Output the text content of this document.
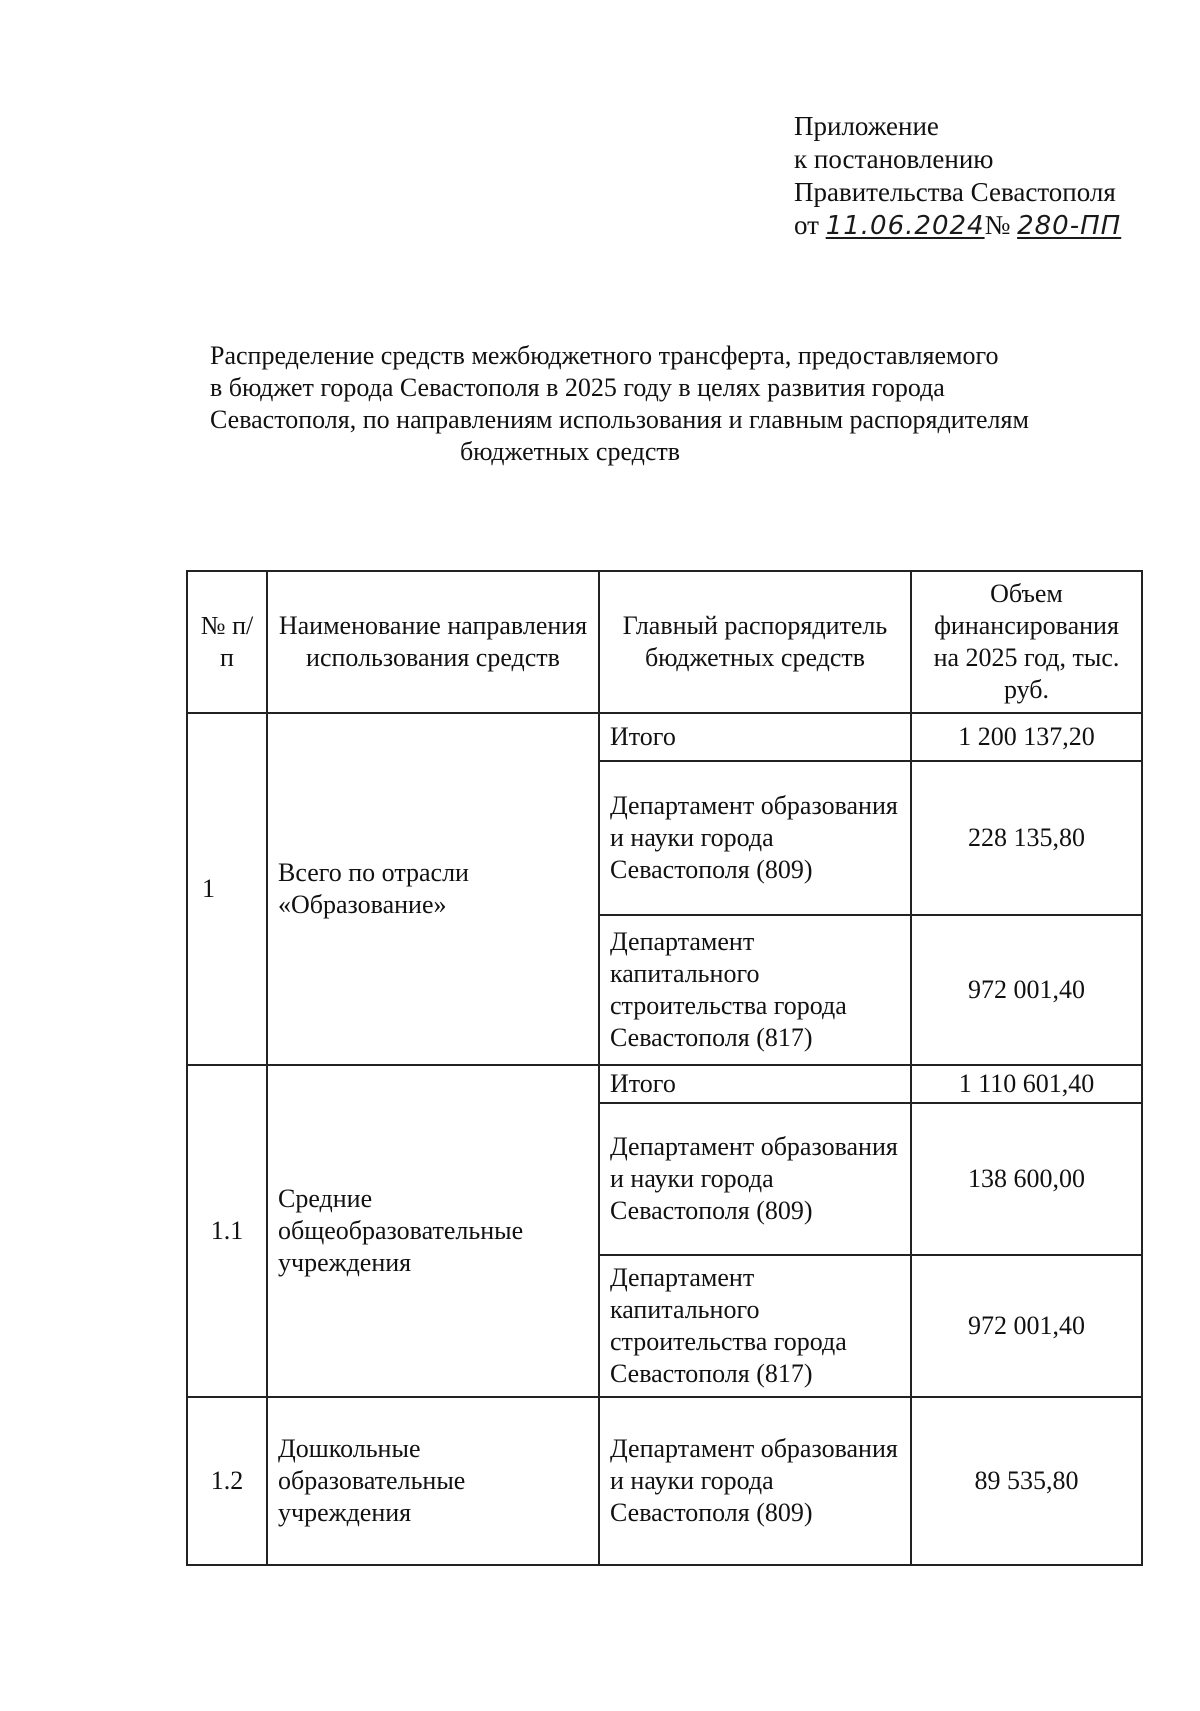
Приложение
к постановлению
Правительства Севастополя
от 11.06.2024№ 280-ПП
Распределение средств межбюджетного трансферта, предоставляемого
в бюджет города Севастополя в 2025 году в целях развития города
Севастополя, по направлениям использования и главным распорядителям
бюджетных средств
№ п/п	Наименование направления использования средств	Главный распорядитель бюджетных средств	Объем финансирования на 2025 год, тыс. руб.
1	Всего по отрасли «Образование»	Итого	1 200 137,20
		Департамент образования и науки города Севастополя (809)	228 135,80
		Департамент капитального строительства города Севастополя (817)	972 001,40
1.1	Средние общеобразовательные учреждения	Итого	1 110 601,40
		Департамент образования и науки города Севастополя (809)	138 600,00
		Департамент капитального строительства города Севастополя (817)	972 001,40
1.2	Дошкольные образовательные учреждения	Департамент образования и науки города Севастополя (809)	89 535,80
